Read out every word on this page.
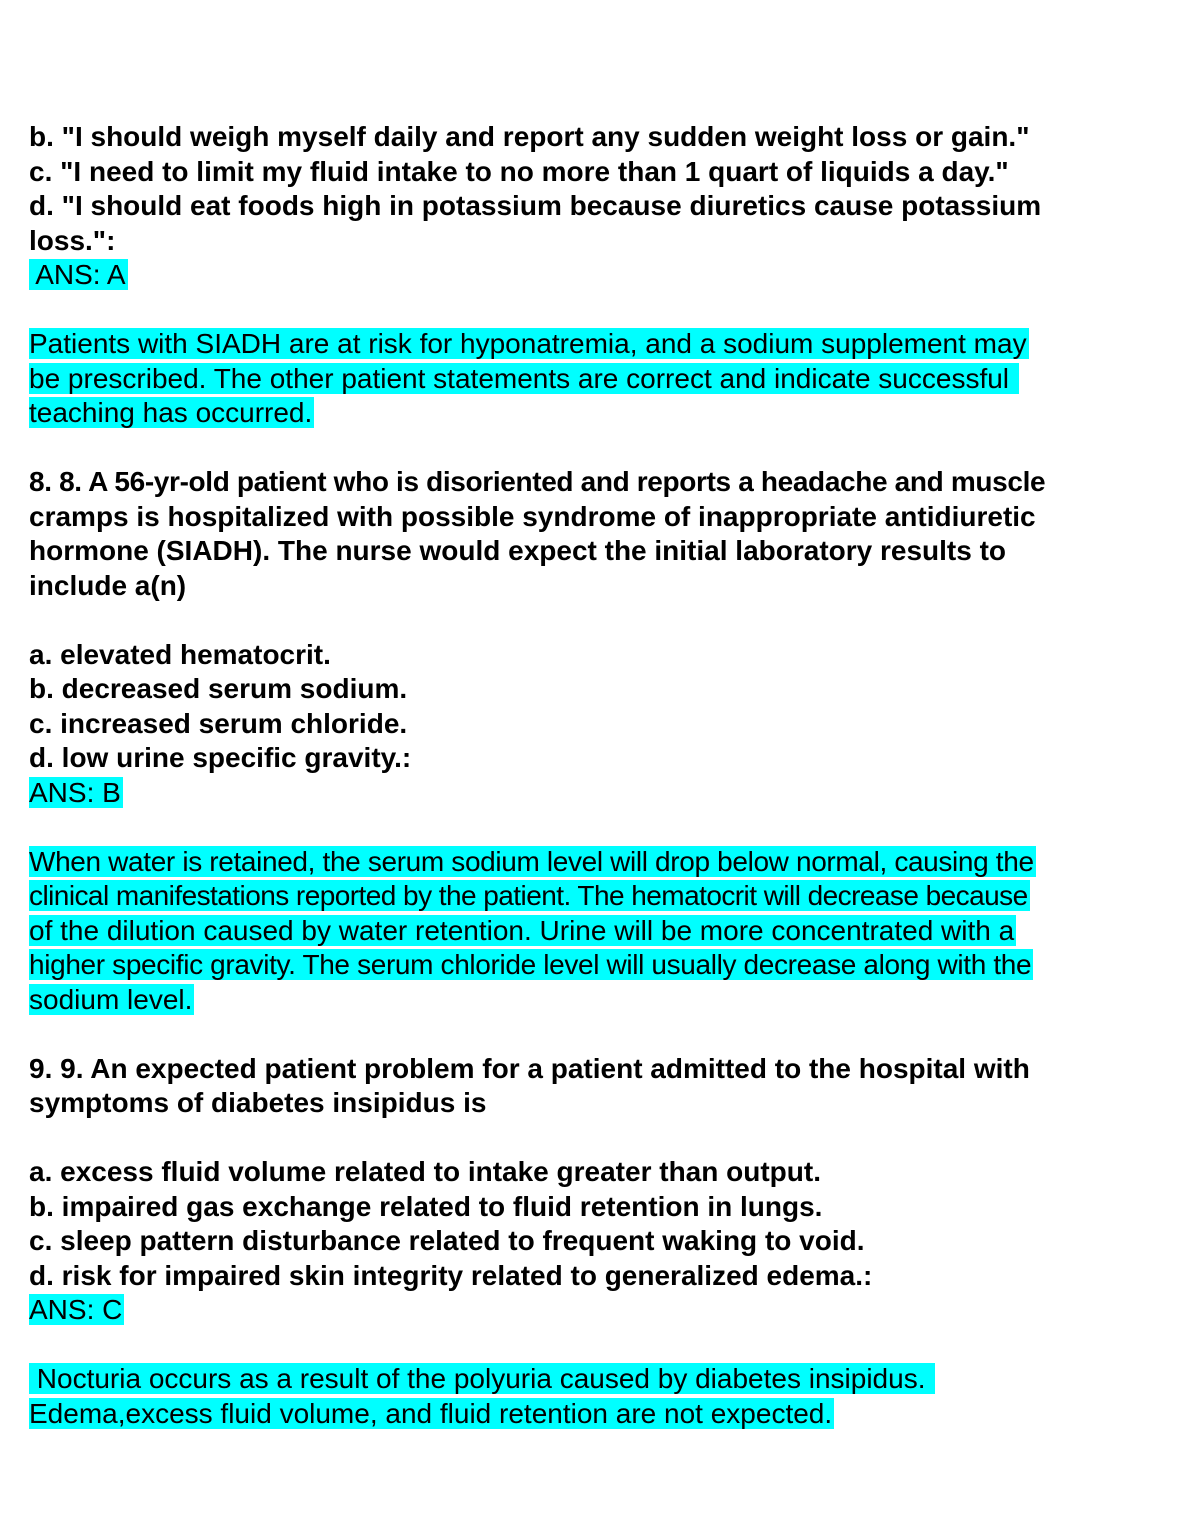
b. "I should weigh myself daily and report any sudden weight loss or gain."

c. "I need to limit my fluid intake to no more than 1 quart of liquids a day."

d. "I should eat foods high in potassium because diuretics cause potassium

loss.":

ANS: A

Patients with SIADH are at risk for hyponatremia, and a sodium supplement may

be prescribed. The other patient statements are correct and indicate successful

teaching has occurred.

8. 8. A 56-yr-old patient who is disoriented and reports a headache and muscle

cramps is hospitalized with possible syndrome of inappropriate antidiuretic

hormone (SIADH). The nurse would expect the initial laboratory results to

include a(n)

a. elevated hematocrit.

b. decreased serum sodium.

c. increased serum chloride.

d. low urine specific gravity.:

ANS: B

When water is retained, the serum sodium level will drop below normal, causing the

clinical manifestations reported by the patient. The hematocrit will decrease because

of the dilution caused by water retention. Urine will be more concentrated with a

higher specific gravity. The serum chloride level will usually decrease along with the

sodium level.

9. 9. An expected patient problem for a patient admitted to the hospital with

symptoms of diabetes insipidus is

a. excess fluid volume related to intake greater than output.

b. impaired gas exchange related to fluid retention in lungs.

c. sleep pattern disturbance related to frequent waking to void.

d. risk for impaired skin integrity related to generalized edema.:

ANS: C

Nocturia occurs as a result of the polyuria caused by diabetes insipidus.

Edema,excess fluid volume, and fluid retention are not expected.
